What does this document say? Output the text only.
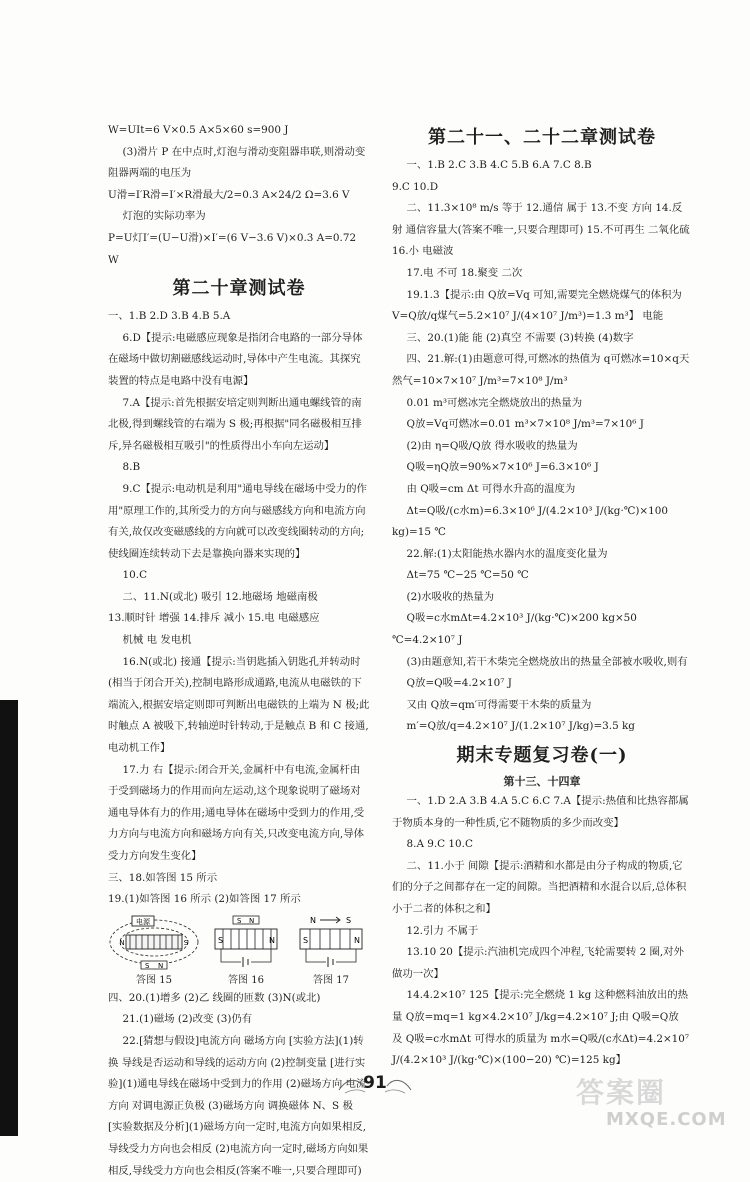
W=UIt=6 V×0.5 A×5×60 s=900 J

(3)滑片 P 在中点时,灯泡与滑动变阻器串联,则滑动变阻器两端的电压为

U滑=I′R滑=I′×R滑最大/2=0.3 A×24/2 Ω=3.6 V

灯泡的实际功率为

P=U灯I′=(U−U滑)×I′=(6 V−3.6 V)×0.3 A=0.72 W

第二十章测试卷

一、1.B 2.D 3.B 4.B 5.A

6.D【提示:电磁感应现象是指闭合电路的一部分导体在磁场中做切割磁感线运动时,导体中产生电流。其探究装置的特点是电路中没有电源】

7.A【提示:首先根据安培定则判断出通电螺线管的南北极,得到螺线管的右端为 S 极;再根据"同名磁极相互排斥,异名磁极相互吸引"的性质得出小车向左运动】

8.B

9.C【提示:电动机是利用"通电导线在磁场中受力的作用"原理工作的,其所受力的方向与磁感线方向和电流方向有关,故仅改变磁感线的方向就可以改变线圈转动的方向;使线圈连续转动下去是靠换向器来实现的】

10.C

二、11.N(或北) 吸引 12.地磁场 地磁南极

13.顺时针 增强 14.排斥 减小 15.电 电磁感应

机械 电 发电机

16.N(或北) 接通【提示:当钥匙插入钥匙孔并转动时(相当于闭合开关),控制电路形成通路,电流从电磁铁的下端流入,根据安培定则即可判断出电磁铁的上端为 N 极;此时触点 A 被吸下,转轴逆时针转动,于是触点 B 和 C 接通,电动机工作】

17.力 右【提示:闭合开关,金属杆中有电流,金属杆由于受到磁场力的作用而向左运动,这个现象说明了磁场对通电导体有力的作用;通电导体在磁场中受到力的作用,受力方向与电流方向和磁场方向有关,只改变电流方向,导体受力方向发生变化】

三、18.如答图 15 所示

19.(1)如答图 16 所示 (2)如答图 17 所示

电源
N	S
S N
答图 15
S N
S	N
答图 16
N	S
S	N
答图 17

四、20.(1)增多 (2)乙 线圈的匝数 (3)N(或北)

21.(1)磁场 (2)改变 (3)仍有

22.[猜想与假设]电流方向 磁场方向 [实验方法](1)转换 导线是否运动和导线的运动方向 (2)控制变量 [进行实验](1)通电导线在磁场中受到力的作用 (2)磁场方向 电流方向 对调电源正负极 (3)磁场方向 调换磁体 N、S 极 [实验数据及分析](1)磁场方向一定时,电流方向如果相反,导线受力方向也会相反 (2)电流方向一定时,磁场方向如果相反,导线受力方向也会相反(答案不唯一,只要合理即可)

第二十一、二十二章测试卷

一、1.B 2.C 3.B 4.C 5.B 6.A 7.C 8.B

9.C 10.D

二、11.3×10⁸ m/s 等于 12.通信 属于 13.不变 方向 14.反射 通信容量大(答案不唯一,只要合理即可) 15.不可再生 二氧化硫 16.小 电磁波

17.电 不可 18.聚变 二次

19.1.3【提示:由 Q放=Vq 可知,需要完全燃烧煤气的体积为 V=Q放/q煤气=5.2×10⁷ J/(4×10⁷ J/m³)=1.3 m³】 电能

三、20.(1)能 能 (2)真空 不需要 (3)转换 (4)数字

四、21.解:(1)由题意可得,可燃冰的热值为 q可燃冰=10×q天然气=10×7×10⁷ J/m³=7×10⁸ J/m³

0.01 m³可燃冰完全燃烧放出的热量为

Q放=Vq可燃冰=0.01 m³×7×10⁸ J/m³=7×10⁶ J

(2)由 η=Q吸/Q放 得水吸收的热量为

Q吸=ηQ放=90%×7×10⁶ J=6.3×10⁶ J

由 Q吸=cm Δt 可得水升高的温度为

Δt=Q吸/(c水m)=6.3×10⁶ J/(4.2×10³ J/(kg·℃)×100 kg)=15 ℃

22.解:(1)太阳能热水器内水的温度变化量为

Δt=75 ℃−25 ℃=50 ℃

(2)水吸收的热量为

Q吸=c水mΔt=4.2×10³ J/(kg·℃)×200 kg×50 ℃=4.2×10⁷ J

(3)由题意知,若干木柴完全燃烧放出的热量全部被水吸收,则有

Q放=Q吸=4.2×10⁷ J

又由 Q放=qm′可得需要干木柴的质量为

m′=Q放/q=4.2×10⁷ J/(1.2×10⁷ J/kg)=3.5 kg

期末专题复习卷(一)
第十三、十四章

一、1.D 2.A 3.B 4.A 5.C 6.C 7.A【提示:热值和比热容都属于物质本身的一种性质,它不随物质的多少而改变】

8.A 9.C 10.C

二、11.小于 间隙【提示:酒精和水都是由分子构成的物质,它们的分子之间都存在一定的间隙。当把酒精和水混合以后,总体积小于二者的体积之和】

12.引力 不属于

13.10 20【提示:汽油机完成四个冲程,飞轮需要转 2 圈,对外做功一次】

14.4.2×10⁷ 125【提示:完全燃烧 1 kg 这种燃料油放出的热量 Q放=mq=1 kg×4.2×10⁷ J/kg=4.2×10⁷ J;由 Q吸=Q放 及 Q吸=c水mΔt 可得水的质量为 m水=Q吸/(c水Δt)=4.2×10⁷ J/(4.2×10³ J/(kg·℃)×(100−20) ℃)=125 kg】

91	答案圈
MXQE.COM
